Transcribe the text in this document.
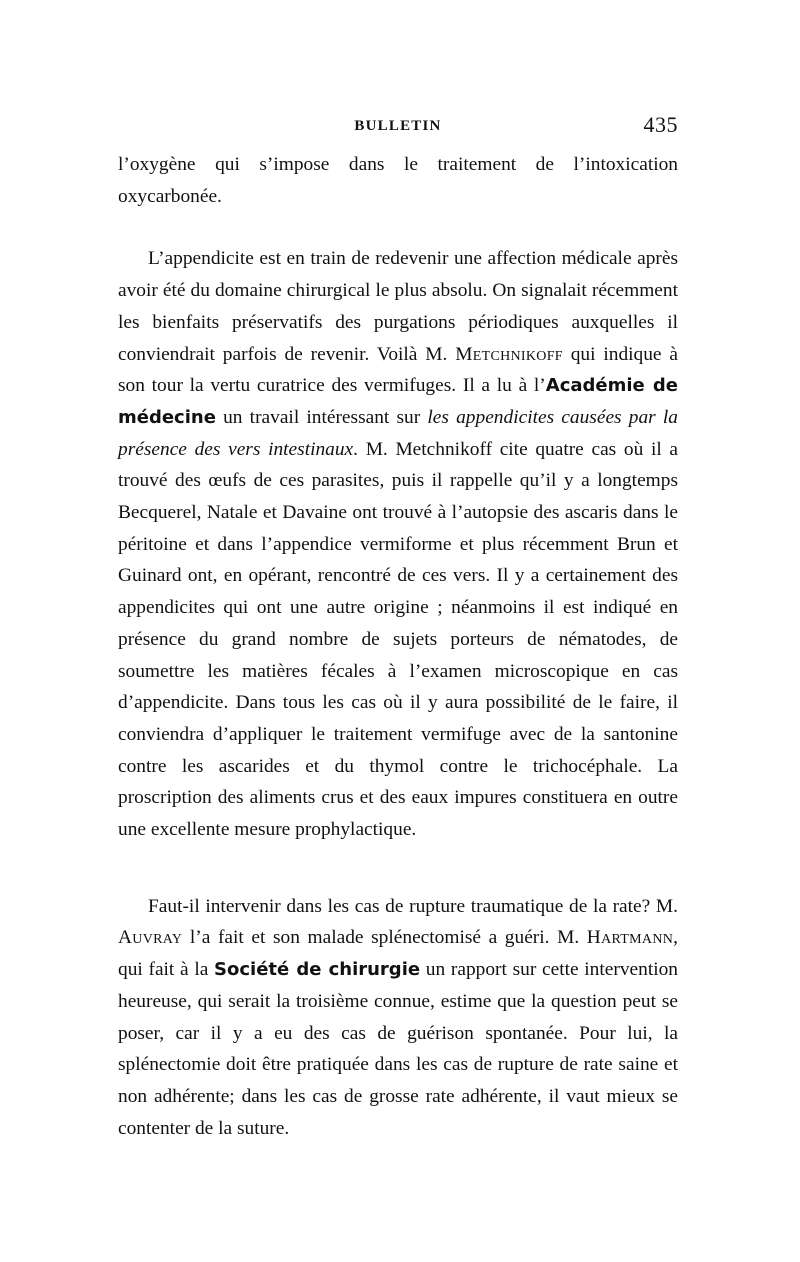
BULLETIN	435

l’oxygène qui s’impose dans le traitement de l’intoxication oxycarbonée.

L’appendicite est en train de redevenir une affection médicale après avoir été du domaine chirurgical le plus absolu. On signalait récemment les bienfaits préservatifs des purgations périodiques auxquelles il conviendrait parfois de revenir. Voilà M. Metchnikoff qui indique à son tour la vertu curatrice des vermifuges. Il a lu à l’Académie de médecine un travail intéressant sur les appendicites causées par la présence des vers intestinaux. M. Metchnikoff cite quatre cas où il a trouvé des œufs de ces parasites, puis il rappelle qu’il y a longtemps Becquerel, Natale et Davaine ont trouvé à l’autopsie des ascaris dans le péritoine et dans l’appendice vermiforme et plus récemment Brun et Guinard ont, en opérant, rencontré de ces vers. Il y a certainement des appendicites qui ont une autre origine ; néanmoins il est indiqué en présence du grand nombre de sujets porteurs de nématodes, de soumettre les matières fécales à l’examen microscopique en cas d’appendicite. Dans tous les cas où il y aura possibilité de le faire, il conviendra d’appliquer le traitement vermifuge avec de la santonine contre les ascarides et du thymol contre le trichocéphale. La proscription des aliments crus et des eaux impures constituera en outre une excellente mesure prophylactique.

Faut-il intervenir dans les cas de rupture traumatique de la rate? M. Auvray l’a fait et son malade splénectomisé a guéri. M. Hartmann, qui fait à la Société de chirurgie un rapport sur cette intervention heureuse, qui serait la troisième connue, estime que la question peut se poser, car il y a eu des cas de guérison spontanée. Pour lui, la splénectomie doit être pratiquée dans les cas de rupture de rate saine et non adhérente; dans les cas de grosse rate adhérente, il vaut mieux se contenter de la suture.
